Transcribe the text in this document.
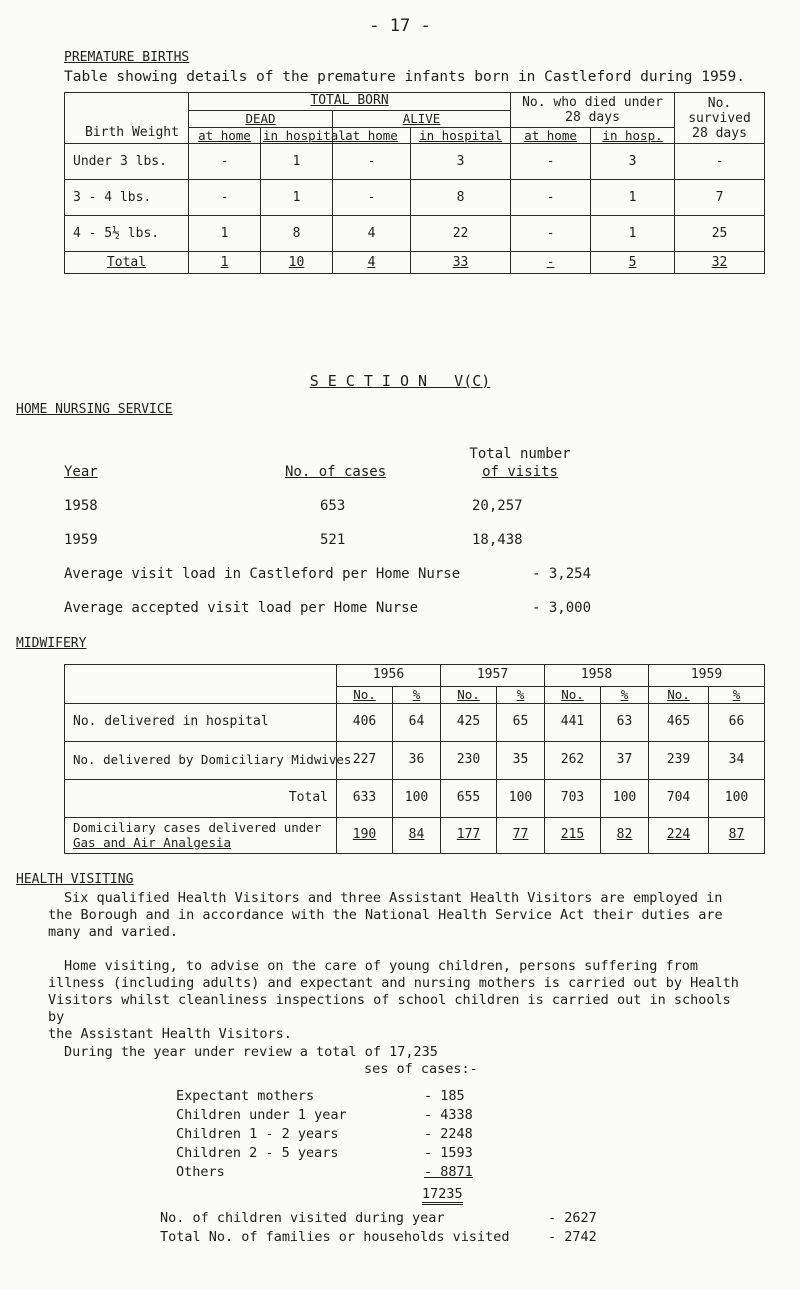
- 17 -
PREMATURE BIRTHS
Table showing details of the premature infants born in Castleford during 1959.
Birth Weight	TOTAL BORN				No. who died under 28 days		No. survived 28 days
	DEAD		ALIVE				
	at home	in hospital	at home	in hospital	at home	in hosp.	
Under 3 lbs.	-	1	-	3	-	3	-
3 - 4 lbs.	-	1	-	8	-	1	7
4 - 5½ lbs.	1	8	4	22	-	1	25
Total	1	10	4	33	-	5	32
S E C T I O N   V(C)
HOME NURSING SERVICE
Total number
Year	No. of cases	of visits
1958	653	20,257
1959	521	18,438
Average visit load in Castleford per Home Nurse	- 3,254
Average accepted visit load per Home Nurse	- 3,000
MIDWIFERY
	1956		1957		1958		1959	
	No.	%	No.	%	No.	%	No.	%
No. delivered in hospital	406	64	425	65	441	63	465	66
No. delivered by Domiciliary Midwives	227	36	230	35	262	37	239	34
Total	633	100	655	100	703	100	704	100

Domiciliary cases delivered under
Gas and Air Analgesia	190	84	177	77	215	82	224	87
HEALTH VISITING
Six qualified Health Visitors and three Assistant Health Visitors are employed in
the Borough and in accordance with the National Health Service Act their duties are
many and varied.
Home visiting, to advise on the care of young children, persons suffering from
illness (including adults) and expectant and nursing mothers is carried out by Health
Visitors whilst cleanliness inspections of school children is carried out in schools by
the Assistant Health Visitors.
During the year under review a total of 17,235
ses of cases:-
Expectant mothers	- 185
Children under 1 year	- 4338
Children 1 - 2 years	- 2248
Children 2 - 5 years	- 1593
Others	- 8871
17235
No. of children visited during year	- 2627
Total No. of families or households visited	- 2742
